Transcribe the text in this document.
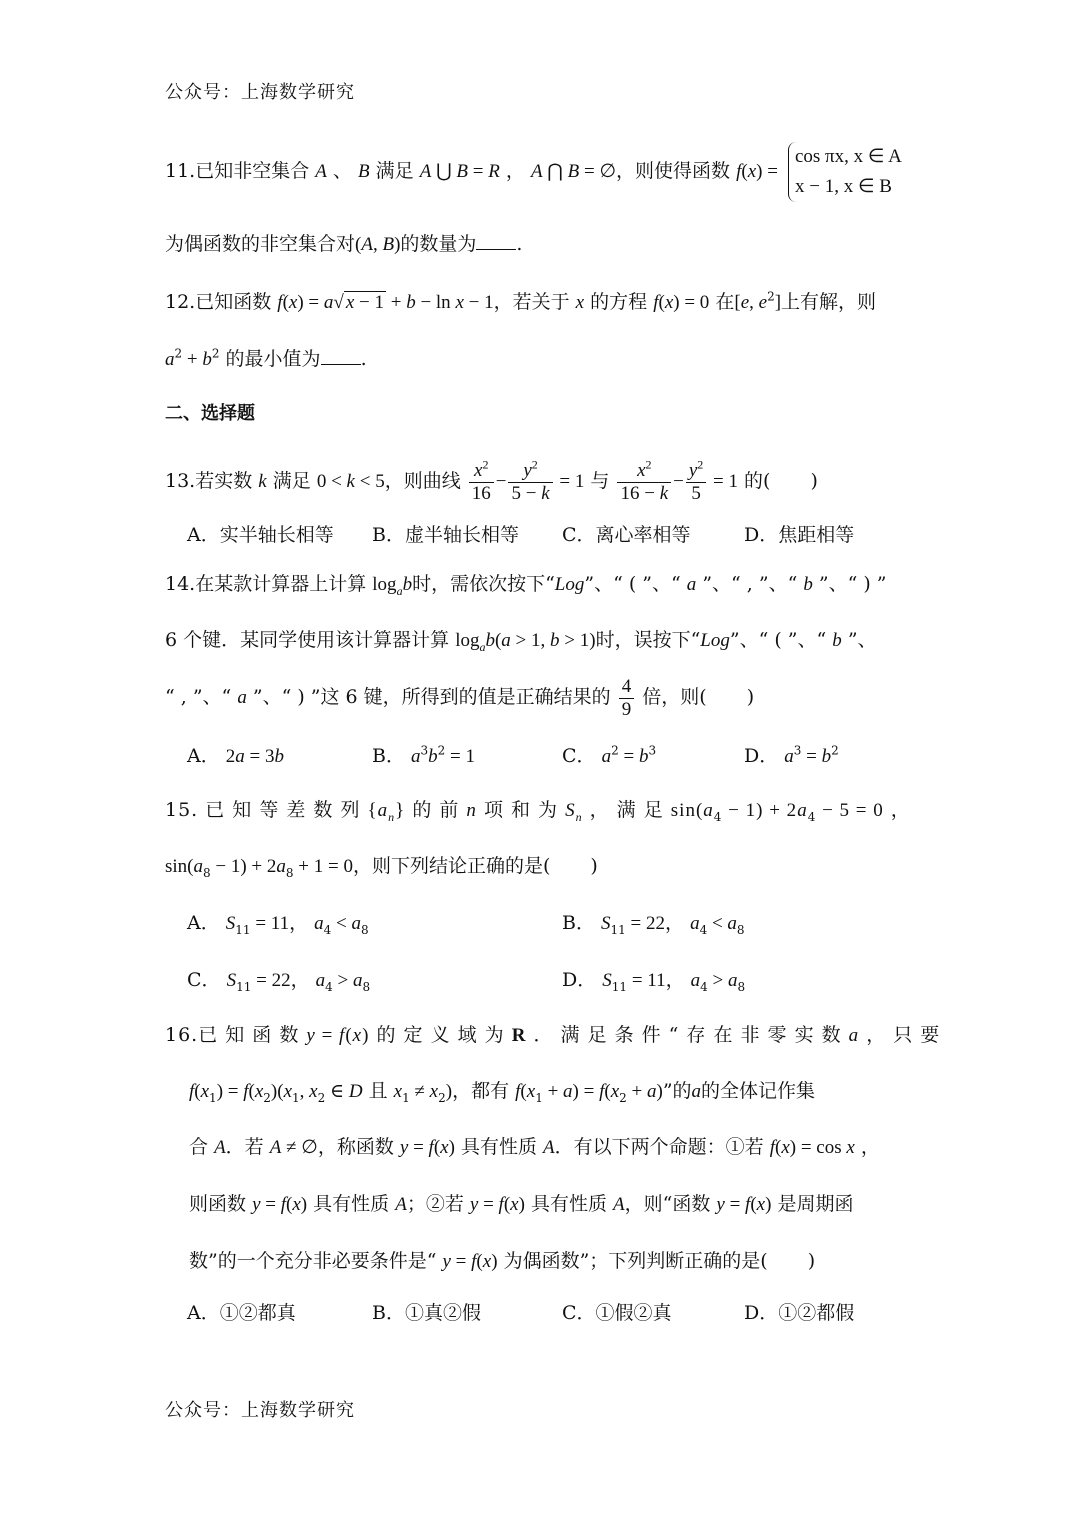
公众号：上海数学研究
11.已知非空集合 A 、 B 满足 A ⋃ B = R ， A ⋂ B = ∅，则使得函数 f(x) =
cos πx, x ∈ A
x − 1, x ∈ B
为偶函数的非空集合对(A, B)的数量为 .
12.已知函数 f(x) = a√ x − 1 + b − ln x − 1，若关于 x 的方程 f(x) = 0 在[e, $e^2$]上有解，则
$a^2 + b^2$ 的最小值为 .
二、选择题
13.若实数 k 满足 0 < k < 5，则曲线 $\frac{x^2}{16} - \frac{y^2}{5 - k} = 1$ 与 $\frac{x^2}{16 - k} - \frac{y^2}{5} = 1$ 的( )
A．实半轴长相等 B．虚半轴长相等 C．离心率相等	D．焦距相等
14.在某款计算器上计算 $\log_ab$时，需依次按下“Log”、“ ( ”、“ a ”、“ , ”、“ b ”、“ ) ”
6 个键．某同学使用该计算器计算 $\log_ab(a > 1$, b > 1)时，误按下“Log”、“ ( ”、“ b ”、
“ , ”、“ a ”、“ ) ”这 6 键，所得到的值是正确结果的 $\frac{4}{9}$ 倍，则( )
A． 2a = 3b	B． $a^3b^2 = 1$	C． $a^2 = b^3$	D． $a^3 = b^2$
15. 已 知 等 差 数 列 $\{a_n\}$ 的 前 n 项 和 为 $S_n$ ， 满 足 $\sin(a_4 - 1) + 2a_4 - 5 = 0$ ，
$\sin(a_8 - 1) + 2a_8 + 1 = 0$，则下列结论正确的是( )
A． $S_{11} = 11$， $a_4 < a_8$	B． $S_{11} = 22$， $a_4 < a_8$
C． $S_{11} = 22$， $a_4 > a_8$	D． $S_{11} = 11$， $a_4 > a_8$
16.已 知 函 数 y = f(x) 的 定 义 域 为 R ． 满 足 条 件 “ 存 在 非 零 实 数 a ， 只 要
$f(x_1) = f(x_2)(x_1$, $x_2$ ∈ D 且 $x_1 \ne x_2$)，都有 $f(x_1 + a) = f(x_2 + a)$”的a的全体记作集
合 A．若 A ≠ ∅，称函数 y = f(x) 具有性质 A．有以下两个命题：①若 f(x) = cos x ，
则函数 y = f(x) 具有性质 A；②若 y = f(x) 具有性质 A，则“函数 y = f(x) 是周期函
数”的一个充分非必要条件是“ y = f(x) 为偶函数”；下列判断正确的是( )
A．①②都真	B．①真②假	C．①假②真	D．①②都假
公众号：上海数学研究
